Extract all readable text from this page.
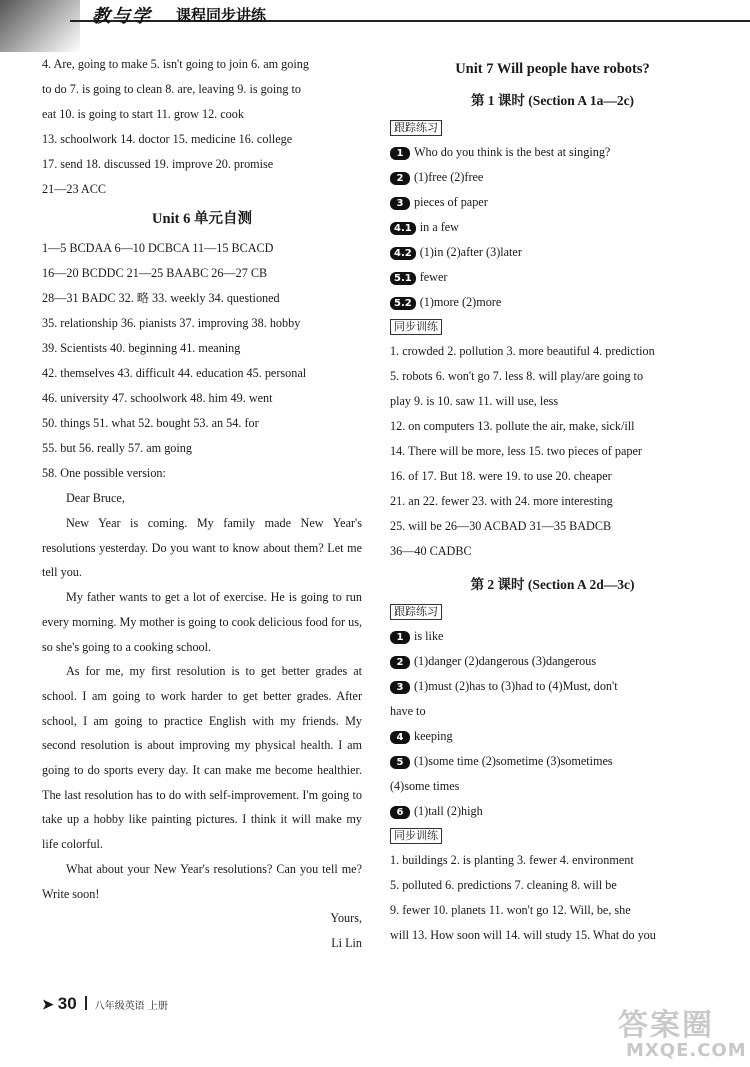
教与学 课程同步讲练
4. Are, going to make 5. isn't going to join 6. am going
to do 7. is going to clean 8. are, leaving 9. is going to
eat 10. is going to start 11. grow 12. cook
13. schoolwork 14. doctor 15. medicine 16. college
17. send 18. discussed 19. improve 20. promise
21—23 ACC
Unit 6 单元自测
1—5 BCDAA 6—10 DCBCA 11—15 BCACD
16—20 BCDDC 21—25 BAABC 26—27 CB
28—31 BADC 32. 略 33. weekly 34. questioned
35. relationship 36. pianists 37. improving 38. hobby
39. Scientists 40. beginning 41. meaning
42. themselves 43. difficult 44. education 45. personal
46. university 47. schoolwork 48. him 49. went
50. things 51. what 52. bought 53. an 54. for
55. but 56. really 57. am going
58. One possible version:
Dear Bruce,
New Year is coming. My family made New Year's resolutions yesterday. Do you want to know about them? Let me tell you.
My father wants to get a lot of exercise. He is going to run every morning. My mother is going to cook delicious food for us, so she's going to a cooking school.
As for me, my first resolution is to get better grades at school. I am going to work harder to get better grades. After school, I am going to practice English with my friends. My second resolution is about improving my physical health. I am going to do sports every day. It can make me become healthier. The last resolution has to do with self-improvement. I'm going to take up a hobby like painting pictures. I think it will make my life colorful.
What about your New Year's resolutions? Can you tell me? Write soon!
Yours,
Li Lin
Unit 7 Will people have robots?
第 1 课时 (Section A 1a—2c)
跟踪练习
1 Who do you think is the best at singing?
2 (1)free (2)free
3 pieces of paper
4.1 in a few
4.2 (1)in (2)after (3)later
5.1 fewer
5.2 (1)more (2)more
同步训练
1. crowded 2. pollution 3. more beautiful 4. prediction
5. robots 6. won't go 7. less 8. will play/are going to
play 9. is 10. saw 11. will use, less
12. on computers 13. pollute the air, make, sick/ill
14. There will be more, less 15. two pieces of paper
16. of 17. But 18. were 19. to use 20. cheaper
21. an 22. fewer 23. with 24. more interesting
25. will be 26—30 ACBAD 31—35 BADCB
36—40 CADBC
第 2 课时 (Section A 2d—3c)
跟踪练习
1 is like
2 (1)danger (2)dangerous (3)dangerous
3 (1)must (2)has to (3)had to (4)Must, don't
have to
4 keeping
5 (1)some time (2)sometime (3)sometimes
(4)some times
6 (1)tall (2)high
同步训练
1. buildings 2. is planting 3. fewer 4. environment
5. polluted 6. predictions 7. cleaning 8. will be
9. fewer 10. planets 11. won't go 12. Will, be, she
will 13. How soon will 14. will study 15. What do you
➤ 30 八年级英语 上册
答案圈
MXQE.COM
